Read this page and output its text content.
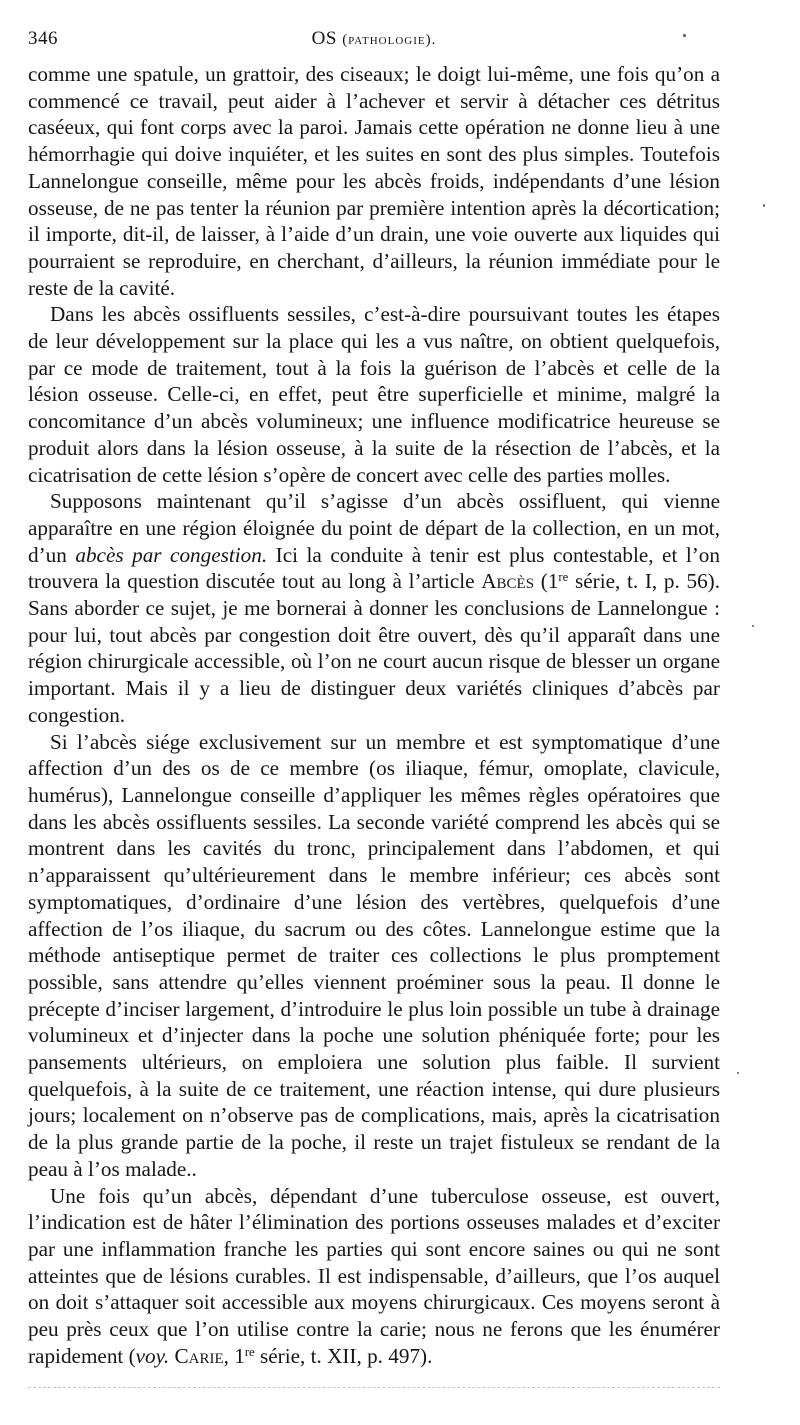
346	OS (pathologie).

comme une spatule, un grattoir, des ciseaux; le doigt lui-même, une fois qu’on a commencé ce travail, peut aider à l’achever et servir à détacher ces détritus caséeux, qui font corps avec la paroi. Jamais cette opération ne donne lieu à une hémorrhagie qui doive inquiéter, et les suites en sont des plus simples. Toutefois Lannelongue conseille, même pour les abcès froids, indépendants d’une lésion osseuse, de ne pas tenter la réunion par première intention après la décortication; il importe, dit-il, de laisser, à l’aide d’un drain, une voie ouverte aux liquides qui pourraient se reproduire, en cherchant, d’ailleurs, la réunion immédiate pour le reste de la cavité.

Dans les abcès ossifluents sessiles, c’est-à-dire poursuivant toutes les étapes de leur développement sur la place qui les a vus naître, on obtient quelquefois, par ce mode de traitement, tout à la fois la guérison de l’abcès et celle de la lésion osseuse. Celle-ci, en effet, peut être superficielle et minime, malgré la concomitance d’un abcès volumineux; une influence modificatrice heureuse se produit alors dans la lésion osseuse, à la suite de la résection de l’abcès, et la cicatrisation de cette lésion s’opère de concert avec celle des parties molles.

Supposons maintenant qu’il s’agisse d’un abcès ossifluent, qui vienne apparaître en une région éloignée du point de départ de la collection, en un mot, d’un abcès par congestion. Ici la conduite à tenir est plus contestable, et l’on trouvera la question discutée tout au long à l’article Abcès (1re série, t. I, p. 56). Sans aborder ce sujet, je me bornerai à donner les conclusions de Lannelongue : pour lui, tout abcès par congestion doit être ouvert, dès qu’il apparaît dans une région chirurgicale accessible, où l’on ne court aucun risque de blesser un organe important. Mais il y a lieu de distinguer deux variétés cliniques d’abcès par congestion.

Si l’abcès siége exclusivement sur un membre et est symptomatique d’une affection d’un des os de ce membre (os iliaque, fémur, omoplate, clavicule, humérus), Lannelongue conseille d’appliquer les mêmes règles opératoires que dans les abcès ossifluents sessiles. La seconde variété comprend les abcès qui se montrent dans les cavités du tronc, principalement dans l’abdomen, et qui n’apparaissent qu’ultérieurement dans le membre inférieur; ces abcès sont symptomatiques, d’ordinaire d’une lésion des vertèbres, quelquefois d’une affection de l’os iliaque, du sacrum ou des côtes. Lannelongue estime que la méthode antiseptique permet de traiter ces collections le plus promptement possible, sans attendre qu’elles viennent proéminer sous la peau. Il donne le précepte d’inciser largement, d’introduire le plus loin possible un tube à drainage volumineux et d’injecter dans la poche une solution phéniquée forte; pour les pansements ultérieurs, on emploiera une solution plus faible. Il survient quelquefois, à la suite de ce traitement, une réaction intense, qui dure plusieurs jours; localement on n’observe pas de complications, mais, après la cicatrisation de la plus grande partie de la poche, il reste un trajet fistuleux se rendant de la peau à l’os malade..

Une fois qu’un abcès, dépendant d’une tuberculose osseuse, est ouvert, l’indication est de hâter l’élimination des portions osseuses malades et d’exciter par une inflammation franche les parties qui sont encore saines ou qui ne sont atteintes que de lésions curables. Il est indispensable, d’ailleurs, que l’os auquel on doit s’attaquer soit accessible aux moyens chirurgicaux. Ces moyens seront à peu près ceux que l’on utilise contre la carie; nous ne ferons que les énumérer rapidement (voy. Carie, 1re série, t. XII, p. 497).
